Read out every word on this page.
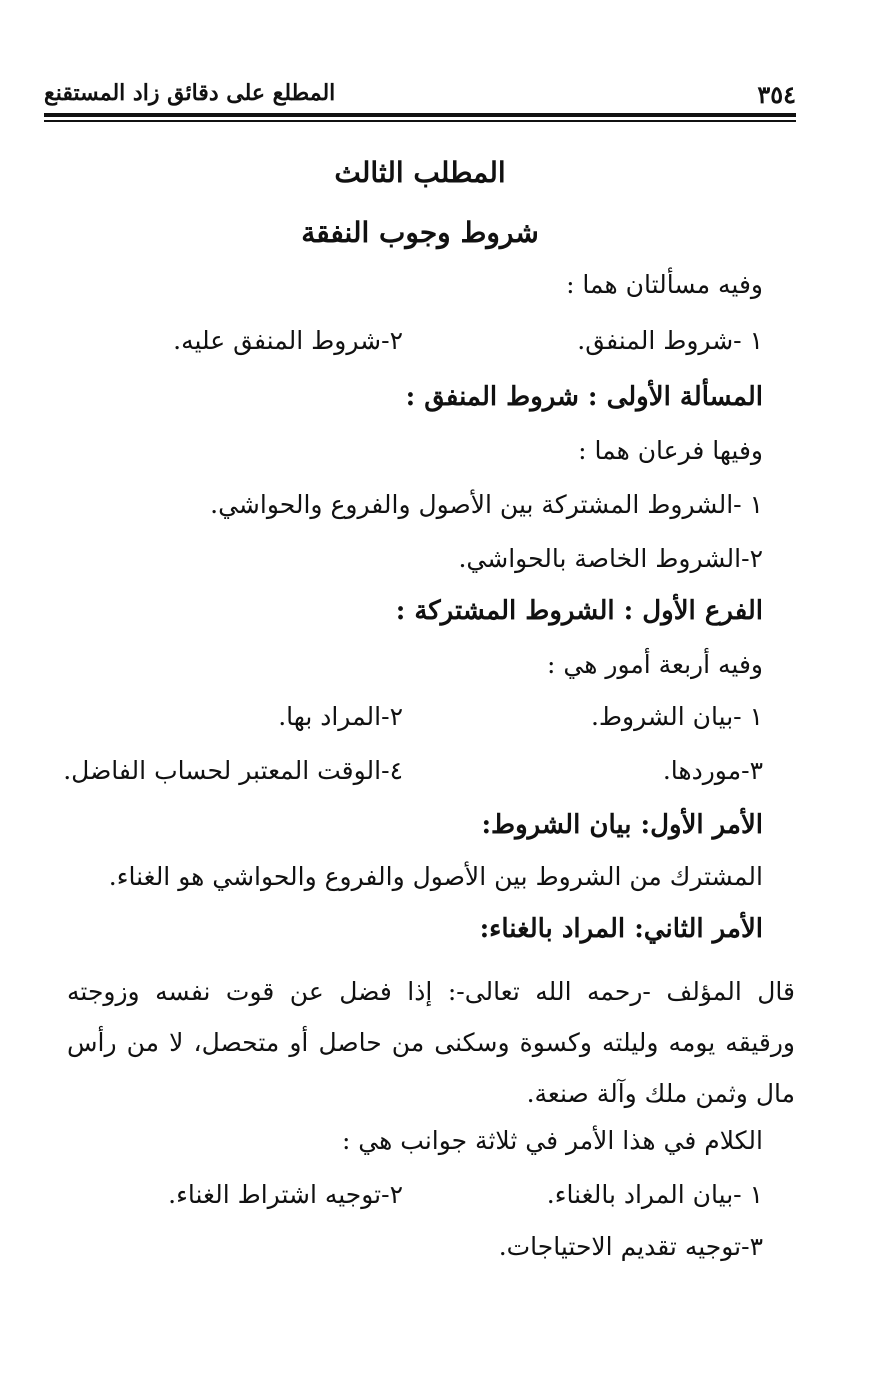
٣٥٤
المطلع على دقائق زاد المستقنع
المطلب الثالث
شروط وجوب النفقة
وفيه مسألتان هما :
١ -شروط المنفق.
٢-شروط المنفق عليه.
المسألة الأولى : شروط المنفق :
وفيها فرعان هما :
١ -الشروط المشتركة بين الأصول والفروع والحواشي.
٢-الشروط الخاصة بالحواشي.
الفرع الأول : الشروط المشتركة :
وفيه أربعة أمور هي :
١ -بيان الشروط.
٢-المراد بها.
٣-موردها.
٤-الوقت المعتبر لحساب الفاضل.
الأمر الأول: بيان الشروط:
المشترك من الشروط بين الأصول والفروع والحواشي هو الغناء.
الأمر الثاني: المراد بالغناء:

قال المؤلف -رحمه الله تعالى-: إذا فضل عن قوت نفسه وزوجته ورقيقه يومه وليلته وكسوة وسكنى من حاصل أو متحصل، لا من رأس مال وثمن ملك وآلة صنعة.

الكلام في هذا الأمر في ثلاثة جوانب هي :
١ -بيان المراد بالغناء.
٢-توجيه اشتراط الغناء.
٣-توجيه تقديم الاحتياجات.
